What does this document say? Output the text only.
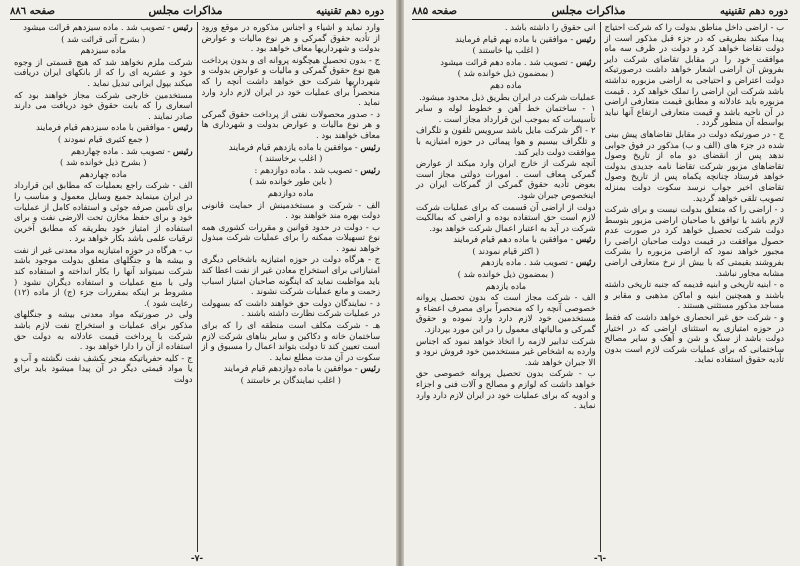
دوره دهم تقنینیه
مذاکرات مجلس
صفحه ۸۸٦

وارد نماید و اشیاء و اجناس مذکوره در موقع ورود از تأدیه حقوق گمرکی و هر نوع مالیات و عوارض بدولت و شهرداریها معاف خواهد بود .

ج - بدون تحصیل هیچگونه پروانه ای و بدون پرداخت هیچ نوع حقوق گمرکی و مالیات و عوارض بدولت و شهرداریها شرکت حق خواهد داشت آنچه را که منحصراً برای عملیات خود در ایران لازم دارد وارد نماید .

د - صدور محصولات نفتی از پرداخت حقوق گمرکی و هر نوع مالیات و عوارض بدولت و شهرداری ها معاف خواهند بود .

رئیس - موافقین با ماده یازدهم قیام فرمایند

( اغلب برخاستند )

رئیس - تصویب شد . ماده دوازدهم :

( باین طور خوانده شد )

ماده دوازدهم

الف - شرکت و مستخدمینش از حمایت قانونی دولت بهره مند خواهند بود .

ب - دولت در حدود قوانین و مقررات کشوری همه نوع تسهیلات ممکنه را برای عملیات شرکت مبذول خواهد نمود .

ج - هرگاه دولت در حوزه امتیازیه باشخاص دیگری امتیازاتی برای استخراج معادن غیر از نفت اعطا کند باید مواظبت نماید که اینگونه صاحبان امتیاز اسباب زحمت و مانع عملیات شرکت نشوند .

د - نمایندگان دولت حق خواهند داشت که بسهولت در عملیات شرکت نظارت داشته باشند .

هـ - شرکت مکلف است منطقه ای را که برای ساختمان خانه و دکاکین و سایر بناهای شرکت لازم است تعیین کند تا دولت بتواند اعمال را مسبوق و از سکوت در آن مدت مطلع نماید .

رئیس - موافقین با ماده دوازدهم قیام فرمایند

( اغلب نمایندگان بر خاستند )

رئیس - تصویب شد . ماده سیزدهم قرائت میشود

( بشرح آتی قرائت شد )

ماده سیزدهم

شرکت ملزم نخواهد شد که هیچ قسمتی از وجوه خود و عشریه ای را که از بانکهای ایران دریافت میکند بپول ایرانی تبدیل نماید .

مستخدمین خارجی شرکت مجاز خواهند بود که اسعاری را که بابت حقوق خود دریافت می دارند صادر نمایند .

رئیس - موافقین با ماده سیزدهم قیام فرمایند

( جمع کثیری قیام نمودند )

رئیس - تصویب شد . ماده چهاردهم

( بشرح ذیل خوانده شد )

ماده چهاردهم

الف - شرکت راجع بعملیات که مطابق این قرارداد در ایران مینماید جمیع وسایل معمول و مناسب را برای تأمین صرفه جوئی و استفاده کامل از عملیات خود و برای حفظ مخازن تحت الارضی نفت و برای استفاده از امتیاز خود بطریقه که مطابق آخرین ترقیات علمی باشد بکار خواهد برد .

ب - هرگاه در حوزه امتیازیه مواد معدنی غیر از نفت و بیشه ها و جنگلهای متعلق بدولت موجود باشد شرکت نمیتواند آنها را بکار انداخته و استفاده کند ولی با منع عملیات و استفاده دیگران نشود ( مشروط بر اینکه بمقررات جزء (ج) از ماده (۱۲) رعایت شود ).

ولی در صورتیکه مواد معدنی بیشه و جنگلهای مذکور برای عملیات و استخراج نفت لازم باشد شرکت با پرداخت قیمت عادلانه به دولت حق استفاده از آن را دارا خواهد بود .

ج - کلیه حفریاتیکه منجر بکشف نفت نگشته و آب و یا مواد قیمتی دیگر در آن پیدا میشود باید برای دولت

-٧-
دوره دهم تقنینیه
مذاکرات مجلس
صفحه ۸۸۵

ب - اراضی داخل مناطق بدولت را که شرکت احتیاج پیدا میکند بطریقی که در جزء قبل مذکور است از دولت تقاضا خواهد کرد و دولت در ظرف سه ماه موافقت خود را در مقابل تقاضای شرکت دایر بفروش آن اراضی اشعار خواهد داشت درصورتیکه دولت اعتراض و احتیاجی به اراضی مزبوره نداشته باشد شرکت این اراضی را تملک خواهد کرد . قیمت مزبوره باید عادلانه و مطابق قیمت متعارفی اراضی در آن ناحیه باشد و قیمت متعارفی ارتفاع آنها نباید بواسطه آن منظور گردد .

ج - در صورتیکه دولت در مقابل تقاضاهای پیش بینی شده در جزء های (الف و ب) مذکور در فوق جوابی ندهد پس از انقضای دو ماه از تاریخ وصول تقاضاهای مزبور شرکت تقاضا نامه جدیدی بدولت خواهد فرستاد چنانچه یکماه پس از تاریخ وصول تقاضای اخیر جواب نرسد سکوت دولت بمنزله تصویب تلقی خواهد گردید.

د - اراضی را که متعلق بدولت نیست و برای شرکت لازم باشد با توافق با صاحبان اراضی مزبور بتوسط دولت شرکت تحصیل خواهد کرد در صورت عدم حصول موافقت در قیمت دولت صاحبان اراضی را مجبور خواهد نمود که اراضی مزبوره را بشرکت بفروشند بقیمتی که با بیش از نرخ متعارفی اراضی مشابه مجاور نباشد.

ه - ابنیه تاریخی و ابنیه قدیمه که جنبه تاریخی داشته باشند و همچنین ابنیه و اماکن مذهبی و مقابر و مساجد مذکور مستثنی هستند .

و - شرکت حق غیر انحصاری خواهد داشت که فقط در حوزه امتیازی به استثنای اراضی که در اختیار دولت باشد از سنگ و شن و آهک و سایر مصالح ساختمانی که برای عملیات شرکت لازم است بدون تأدیه حقوق استفاده نماید.

انی حقوق را داشته باشد .

رئیس - موافقین با ماده نهم قیام فرمایند

( اغلب بپا خاستند )

رئیس - تصویب شد . ماده دهم قرائت میشود

( بمضمون ذیل خوانده شد )

ماده دهم

عملیات شرکت در ایران بطریق ذیل محدود میشود.

۱ - ساختمان خط آهن و خطوط لوله و سایر تأسیسات که بموجب این قرارداد مجاز است .

۲ - اگر شرکت مایل باشد سرویس تلفون و تلگراف و تلگراف بیسیم و هوا پیمائی در حوزه امتیازیه با موافقت دولت دایر کند.

آنچه شرکت از خارج ایران وارد میکند از عوارض گمرکی معاف است . امورات دولتی مجاز است بعوض تأدیه حقوق گمرکی از گمرکات ایران در اینخصوص جبران شود.

دولت از اراضی آن قسمت که برای عملیات شرکت لازم است حق استفاده بوده و اراضی که بمالکیت شرکت در آید به اعتبار اعمال شرکت خواهد بود.

رئیس - موافقین با ماده دهم قیام فرمایند

( اکثر قیام نمودند )

رئیس - تصویب شد . ماده یازدهم

( بمضمون ذیل خوانده شد )

ماده یازدهم

الف - شرکت مجاز است که بدون تحصیل پروانه خصوصی آنچه را که منحصراً برای مصرف اعضاء و مستخدمین خود لازم دارد وارد نموده و حقوق گمرکی و مالیاتهای معمول را در این مورد بپردازد.

شرکت تدابیر لازمه را اتخاذ خواهد نمود که اجناس وارده به اشخاص غیر مستخدمین خود فروش نرود و الا جبران خواهد شد.

ب - شرکت بدون تحصیل پروانه خصوصی حق خواهد داشت که لوازم و مصالح و آلات فنی و اجزاء و ادویه که برای عملیات خود در ایران لازم دارد وارد نماید .

-٦-
